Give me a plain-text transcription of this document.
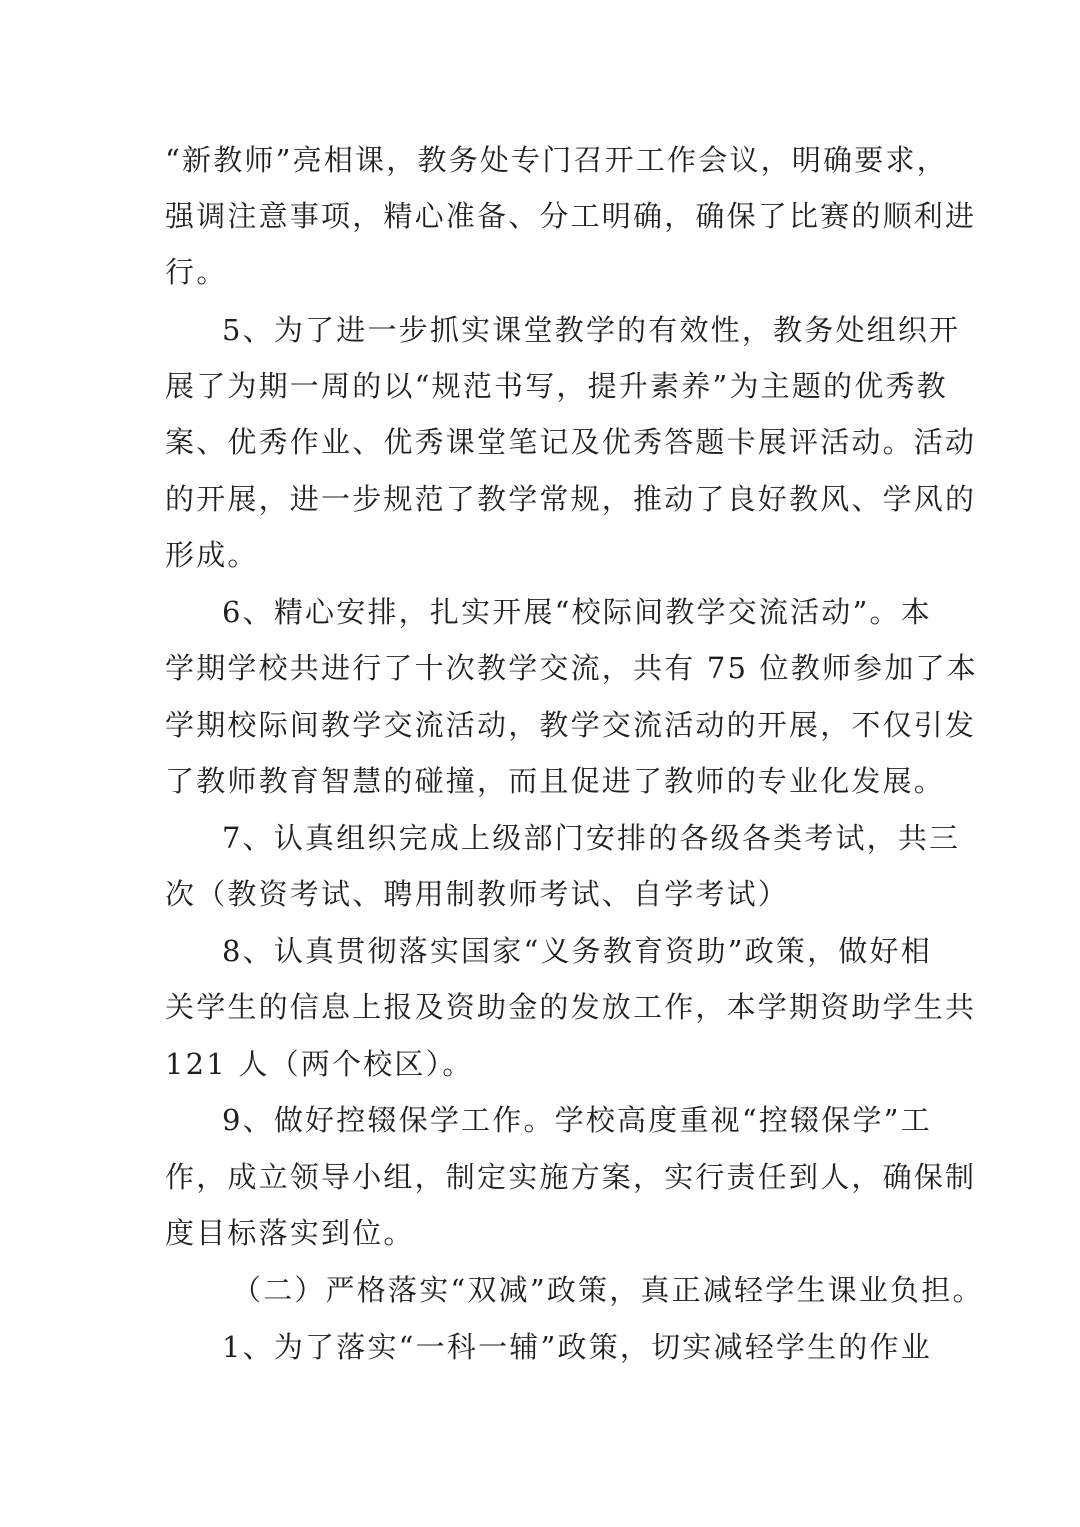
“新教师”亮相课，教务处专门召开工作会议，明确要求，
强调注意事项，精心准备、分工明确，确保了比赛的顺利进
行。
5、为了进一步抓实课堂教学的有效性，教务处组织开
展了为期一周的以“规范书写，提升素养”为主题的优秀教
案、优秀作业、优秀课堂笔记及优秀答题卡展评活动。活动
的开展，进一步规范了教学常规，推动了良好教风、学风的
形成。
6、精心安排，扎实开展“校际间教学交流活动”。本
学期学校共进行了十次教学交流，共有 75 位教师参加了本
学期校际间教学交流活动，教学交流活动的开展，不仅引发
了教师教育智慧的碰撞，而且促进了教师的专业化发展。
7、认真组织完成上级部门安排的各级各类考试，共三
次（教资考试、聘用制教师考试、自学考试）
8、认真贯彻落实国家“义务教育资助”政策，做好相
关学生的信息上报及资助金的发放工作，本学期资助学生共
121 人（两个校区）。
9、做好控辍保学工作。学校高度重视“控辍保学”工
作，成立领导小组，制定实施方案，实行责任到人，确保制
度目标落实到位。
（二）严格落实“双减”政策，真正减轻学生课业负担。
1、为了落实“一科一辅”政策，切实减轻学生的作业
